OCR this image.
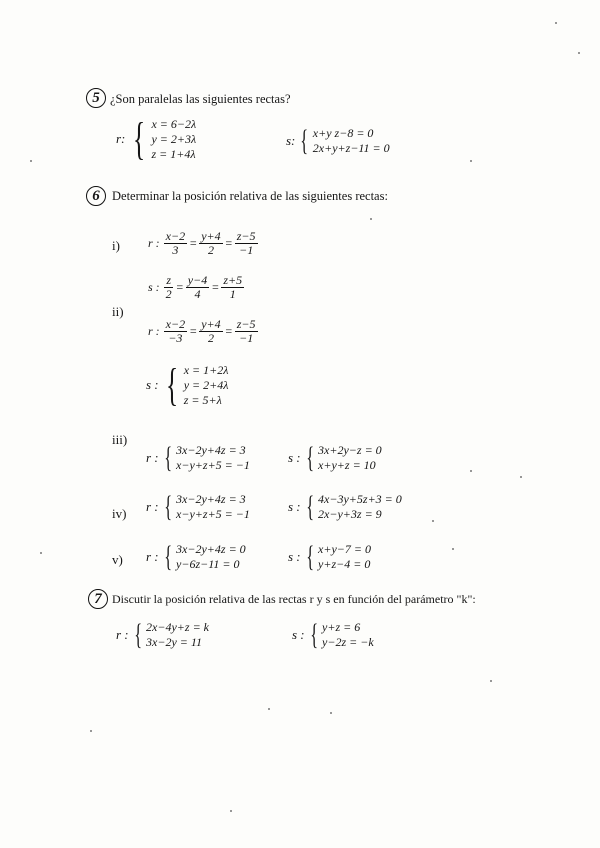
5 ¿Son paralelas las siguientes rectas?
r: { x = 6−2λ
y = 2+3λ
z = 1+4λ
s: { x+y z−8 = 0
2x+y+z−11 = 0
6 Determinar la posición relativa de las siguientes rectas:
i) r : $\frac{x-2}{3} = \frac{y+4}{2} = \frac{z-5}{-1}$
s : $\frac{z}{2} = \frac{y-4}{4} = \frac{z+5}{1}$
ii)
r : $\frac{x-2}{-3} = \frac{y+4}{2} = \frac{z-5}{-1}$
s : { x = 1+2λ
y = 2+4λ
z = 5+λ
iii)
r : { 3x−2y+4z = 3
x−y+z+5 = −1	s : { 3x+2y−z = 0
x+y+z = 10
iv) r : { 3x−2y+4z = 3
x−y+z+5 = −1	s : { 4x−3y+5z+3 = 0
2x−y+3z = 9
v) r : { 3x−2y+4z = 0
y−6z−11 = 0	s : { x+y−7 = 0
y+z−4 = 0
7 Discutir la posición relativa de las rectas r y s en función del parámetro "k":
r : { 2x−4y+z = k
3x−2y = 11	s : { y+z = 6
y−2z = −k
